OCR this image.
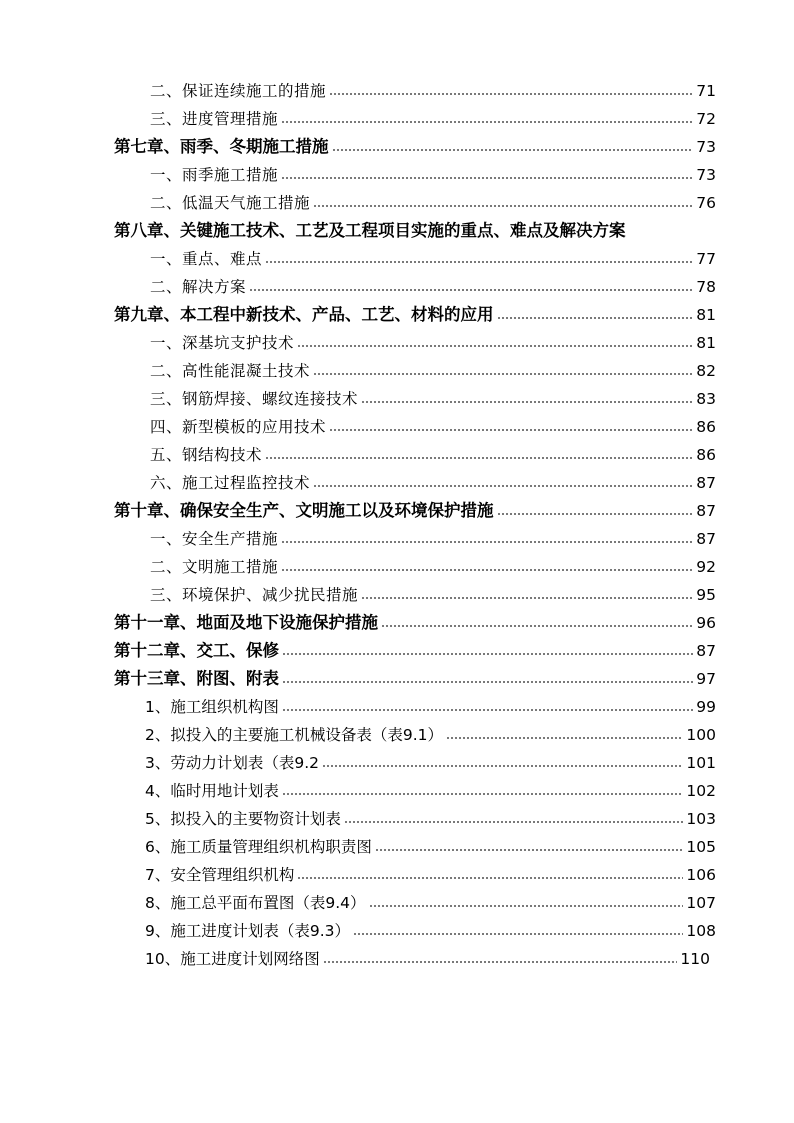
二、保证连续施工的措施	71
三、进度管理措施	72
第七章、雨季、冬期施工措施	73
一、雨季施工措施	73
二、低温天气施工措施	76
第八章、关键施工技术、工艺及工程项目实施的重点、难点及解决方案
一、重点、难点	77
二、解决方案	78
第九章、本工程中新技术、产品、工艺、材料的应用	81
一、深基坑支护技术	81
二、高性能混凝土技术	82
三、钢筋焊接、螺纹连接技术	83
四、新型模板的应用技术	86
五、钢结构技术	86
六、施工过程监控技术	87
第十章、确保安全生产、文明施工以及环境保护措施	87
一、安全生产措施	87
二、文明施工措施	92
三、环境保护、减少扰民措施	95
第十一章、地面及地下设施保护措施	96
第十二章、交工、保修	87
第十三章、附图、附表	97
1、施工组织机构图	99
2、拟投入的主要施工机械设备表（表9.1）	100
3、劳动力计划表（表9.2	101
4、临时用地计划表	102
5、拟投入的主要物资计划表	103
6、施工质量管理组织机构职责图	105
7、安全管理组织机构	106
8、施工总平面布置图（表9.4）	107
9、施工进度计划表（表9.3）	108
10、施工进度计划网络图	110
